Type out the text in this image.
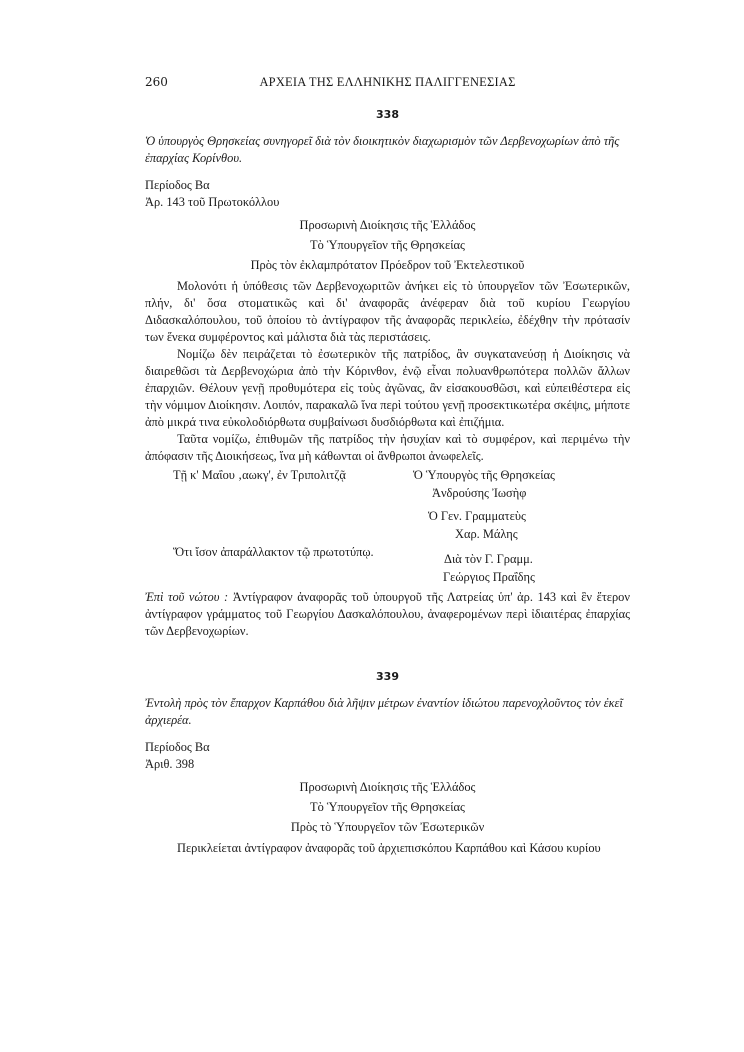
260	ΑΡΧΕΙΑ ΤΗΣ ΕΛΛΗΝΙΚΗΣ ΠΑΛΙΓΓΕΝΕΣΙΑΣ
338

Ὁ ὑπουργὸς Θρησκείας συνηγορεῖ διὰ τὸν διοικητικὸν διαχωρισμὸν τῶν Δερβενοχωρίων ἀπὸ τῆς ἐπαρχίας Κορίνθου.

Περίοδος Βα

Ἀρ. 143 τοῦ Πρωτοκόλλου

Προσωρινὴ Διοίκησις τῆς Ἑλλάδος

Τὸ Ὑπουργεῖον τῆς Θρησκείας

Πρὸς τὸν ἐκλαμπρότατον Πρόεδρον τοῦ Ἐκτελεστικοῦ

Μολονότι ἡ ὑπόθεσις τῶν Δερβενοχωριτῶν ἀνήκει εἰς τὸ ὑπουργεῖον τῶν Ἐσωτερικῶν, πλήν, δι' ὅσα στοματικῶς καὶ δι' ἀναφορᾶς ἀνέφεραν διὰ τοῦ κυρίου Γεωργίου Διδασκαλόπουλου, τοῦ ὁποίου τὸ ἀντίγραφον τῆς ἀναφορᾶς περικλείω, ἐδέχθην τὴν πρότασίν των ἕνεκα συμφέροντος καὶ μάλιστα διὰ τὰς περιστάσεις.

Νομίζω δὲν πειράζεται τὸ ἐσωτερικὸν τῆς πατρίδος, ἂν συγκατανεύσῃ ἡ Διοίκησις νὰ διαιρεθῶσι τὰ Δερβενοχώρια ἀπὸ τὴν Κόρινθον, ἐνῷ εἶναι πολυανθρωπότερα πολλῶν ἄλλων ἐπαρχιῶν. Θέλουν γενῇ προθυμότερα εἰς τοὺς ἀγῶνας, ἂν εἰσακουσθῶσι, καὶ εὐπειθέστερα εἰς τὴν νόμιμον Διοίκησιν. Λοιπόν, παρακαλῶ ἵνα περὶ τούτου γενῇ προσεκτικωτέρα σκέψις, μήποτε ἀπὸ μικρά τινα εὐκολοδιόρθωτα συμβαίνωσι δυσδιόρθωτα καὶ ἐπιζήμια.

Ταῦτα νομίζω, ἐπιθυμῶν τῆς πατρίδος τὴν ἡσυχίαν καὶ τὸ συμφέρον, καὶ περιμένω τὴν ἀπόφασιν τῆς Διοικήσεως, ἵνα μὴ κάθωνται οἱ ἄνθρωποι ἀνωφελεῖς.

Τῇ κ' Μαΐου ‚αωκγ', ἐν Τριπολιτζᾷ	Ὁ Ὑπουργὸς τῆς Θρησκείας

Ἀνδρούσης Ἰωσὴφ

Ὁ Γεν. Γραμματεὺς

Χαρ. Μάλης

Ὅτι ἴσον ἀπαράλλακτον τῷ πρωτοτύπῳ.	Διὰ τὸν Γ. Γραμμ.

Γεώργιος Πραΐδης

Ἐπὶ τοῦ νώτου : Ἀντίγραφον ἀναφορᾶς τοῦ ὑπουργοῦ τῆς Λατρείας ὑπ' ἀρ. 143 καὶ ἓν ἕτερον ἀντίγραφον γράμματος τοῦ Γεωργίου Δασκαλόπουλου, ἀναφερομένων περὶ ἰδιαιτέρας ἐπαρχίας τῶν Δερβενοχωρίων.

339

Ἐντολὴ πρὸς τὸν ἔπαρχον Καρπάθου διὰ λῆψιν μέτρων ἐναντίον ἰδιώτου παρενοχλοῦντος τὸν ἐκεῖ ἀρχιερέα.

Περίοδος Βα

Ἀριθ. 398

Προσωρινὴ Διοίκησις τῆς Ἑλλάδος

Τὸ Ὑπουργεῖον τῆς Θρησκείας

Πρὸς τὸ Ὑπουργεῖον τῶν Ἐσωτερικῶν

Περικλείεται ἀντίγραφον ἀναφορᾶς τοῦ ἀρχιεπισκόπου Καρπάθου καὶ Κάσου κυρίου
